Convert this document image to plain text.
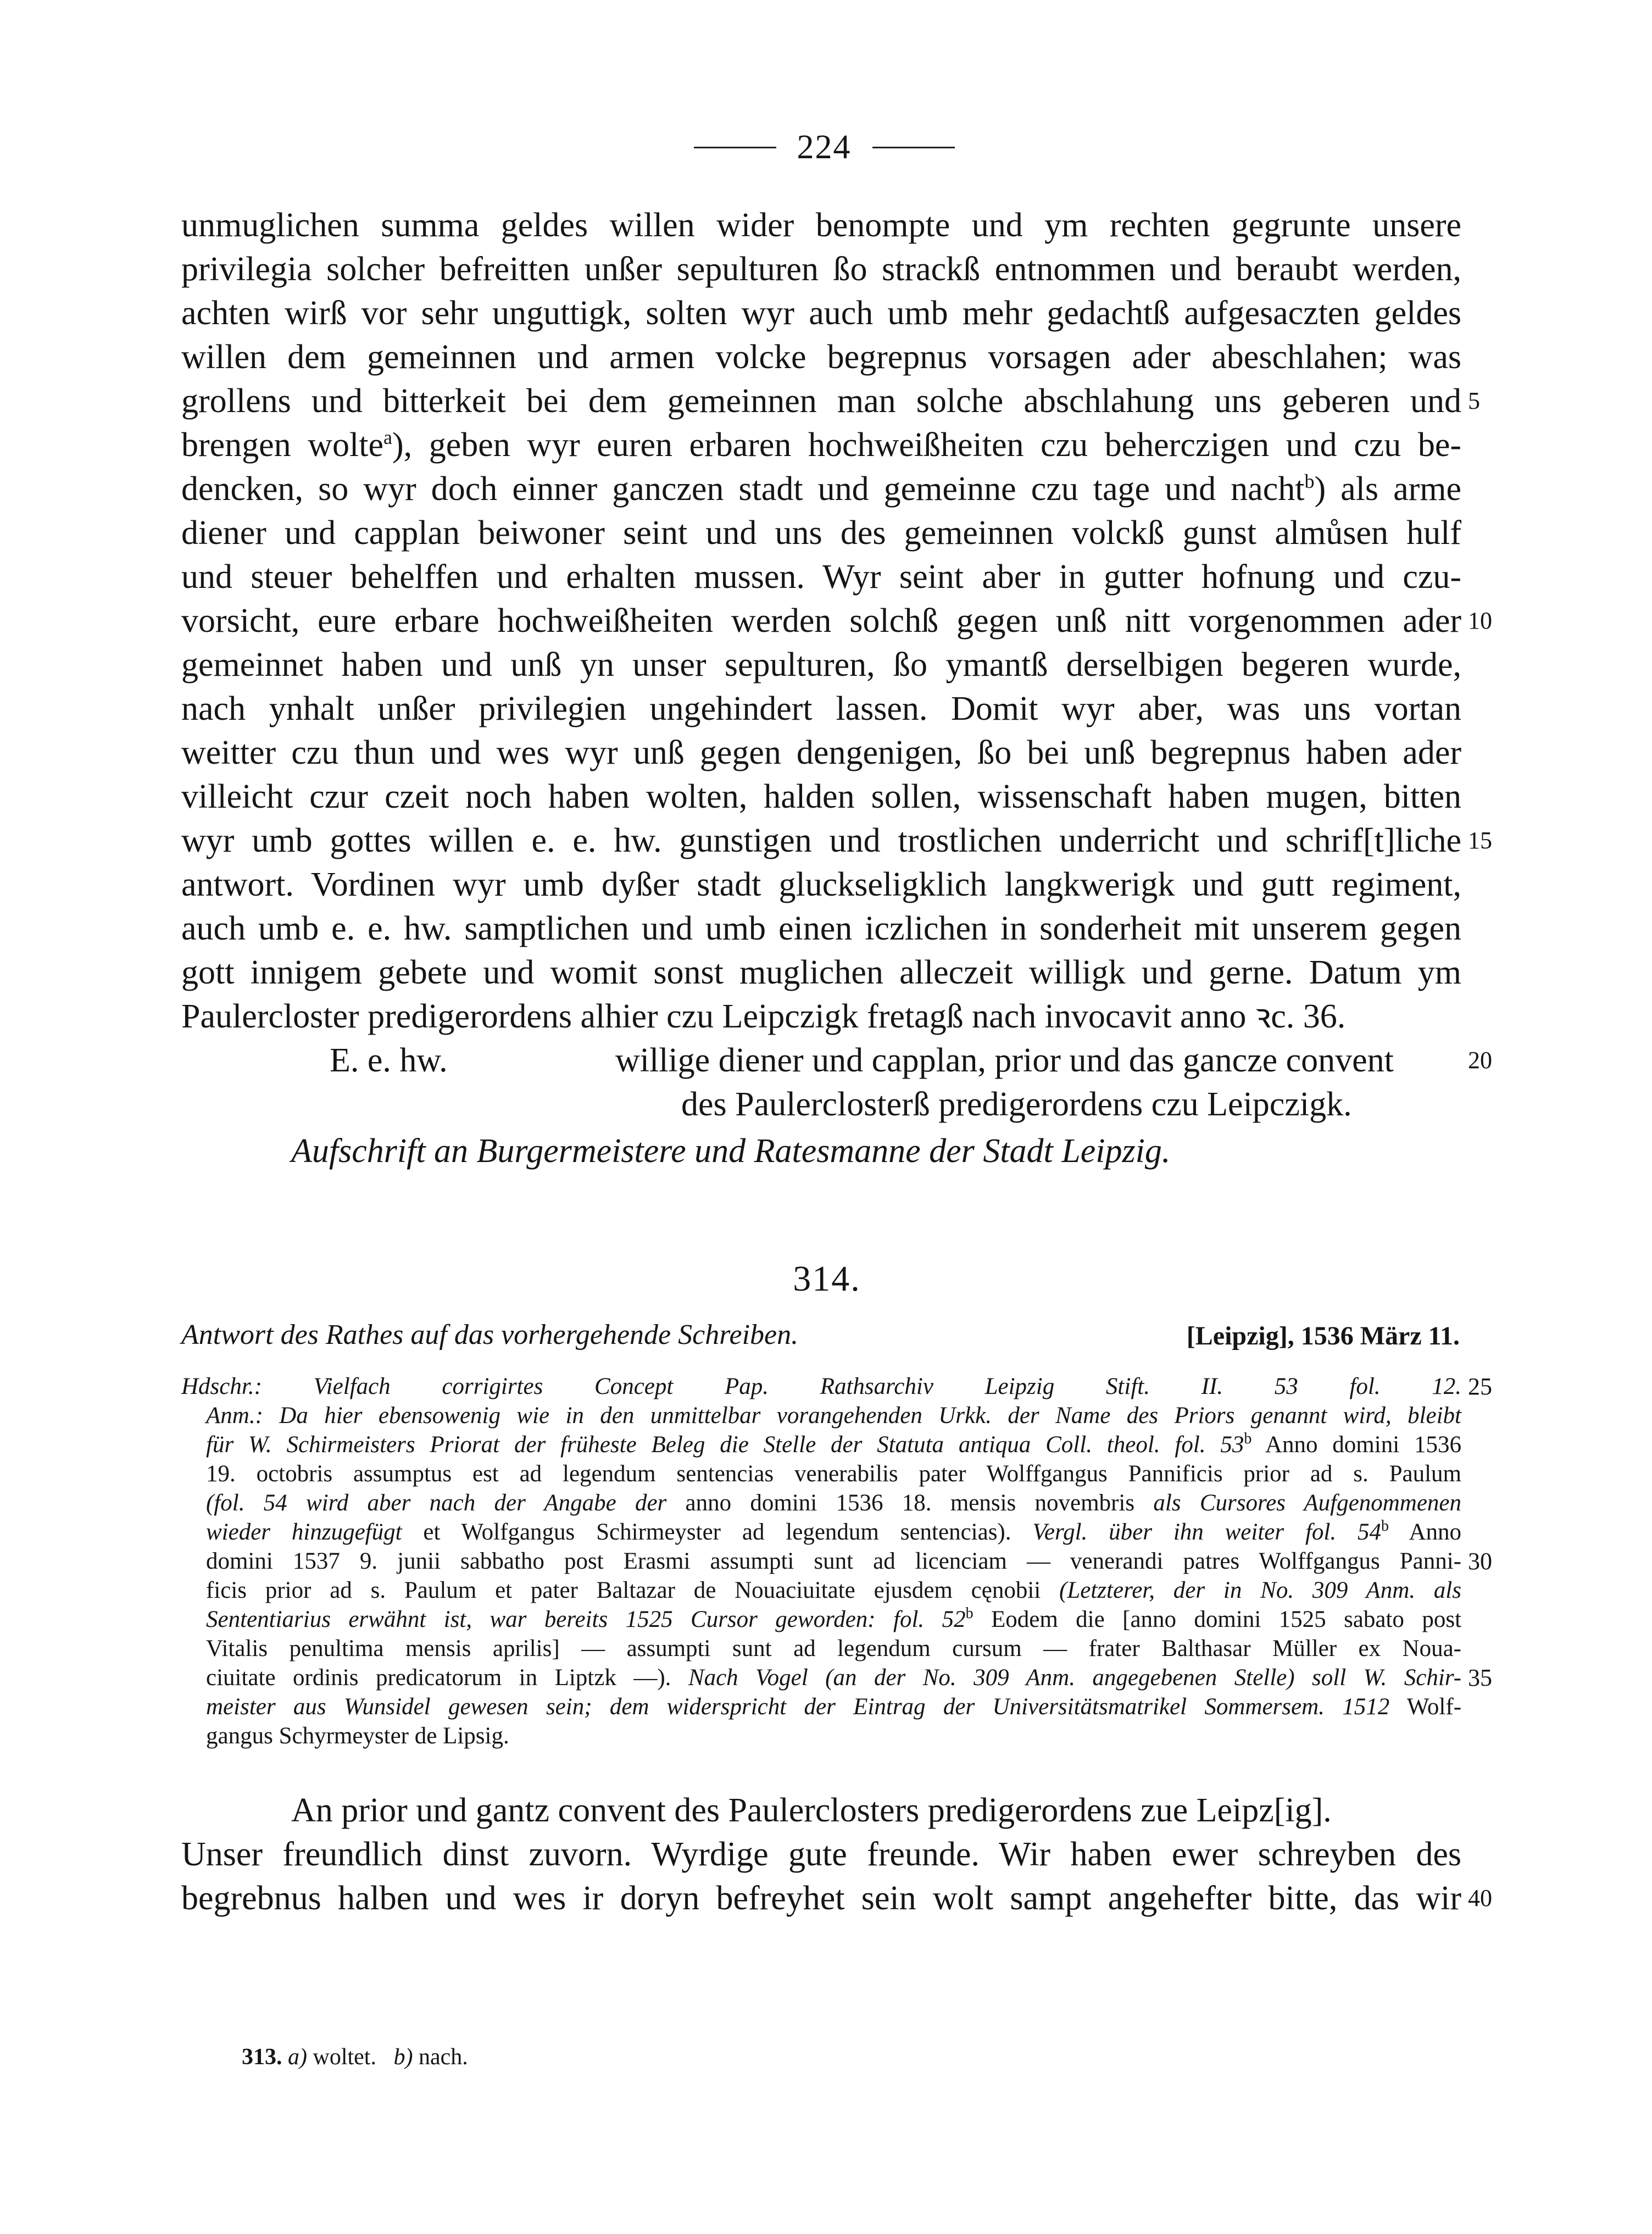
224
unmuglichen summa geldes willen wider benompte und ym rechten gegrunte unsere
privilegia solcher befreitten unßer sepulturen ßo strackß entnommen und beraubt werden,
achten wirß vor sehr unguttigk, solten wyr auch umb mehr gedachtß aufgesaczten geldes
willen dem gemeinnen und armen volcke begrepnus vorsagen ader abeschlahen; was
grollens und bitterkeit bei dem gemeinnen man solche abschlahung uns geberen und 5
brengen wolte$^a$), geben wyr euren erbaren hochweißheiten czu beherczigen und czu be-
dencken, so wyr doch einner ganczen stadt und gemeinne czu tage und nacht$^b$) als arme
diener und capplan beiwoner seint und uns des gemeinnen volckß gunst almůsen hulf
und steuer behelffen und erhalten mussen. Wyr seint aber in gutter hofnung und czu-
vorsicht, eure erbare hochweißheiten werden solchß gegen unß nitt vorgenommen ader 10
gemeinnet haben und unß yn unser sepulturen, ßo ymantß derselbigen begeren wurde,
nach ynhalt unßer privilegien ungehindert lassen. Domit wyr aber, was uns vortan
weitter czu thun und wes wyr unß gegen dengenigen, ßo bei unß begrepnus haben ader
villeicht czur czeit noch haben wolten, halden sollen, wissenschaft haben mugen, bitten
wyr umb gottes willen e. e. hw. gunstigen und trostlichen underricht und schrif[t]liche 15
antwort. Vordinen wyr umb dyßer stadt gluckseligklich langkwerigk und gutt regiment,
auch umb e. e. hw. samptlichen und umb einen iczlichen in sonderheit mit unserem gegen
gott innigem gebete und womit sonst muglichen alleczeit willigk und gerne. Datum ym
Paulercloster predigerordens alhier czu Leipczigk fretagß nach invocavit anno ꝛc. 36.
E. e. hw.	willige diener und capplan, prior und das gancze convent	20
des Paulerclosterß predigerordens czu Leipczigk.
Aufschrift an Burgermeistere und Ratesmanne der Stadt Leipzig.
314.
Antwort des Rathes auf das vorhergehende Schreiben.	[Leipzig], 1536 März 11.
Hdschr.: Vielfach corrigirtes Concept Pap. Rathsarchiv Leipzig Stift. II. 53 fol. 12. 25
Anm.: Da hier ebensowenig wie in den unmittelbar vorangehenden Urkk. der Name des Priors genannt wird, bleibt
für W. Schirmeisters Priorat der früheste Beleg die Stelle der Statuta antiqua Coll. theol. fol. 53$^b$ Anno domini 1536
19. octobris assumptus est ad legendum sentencias venerabilis pater Wolffgangus Pannificis prior ad s. Paulum
(fol. 54 wird aber nach der Angabe der anno domini 1536 18. mensis novembris als Cursores Aufgenommenen
wieder hinzugefügt et Wolfgangus Schirmeyster ad legendum sentencias). Vergl. über ihn weiter fol. 54$^b$ Anno
domini 1537 9. junii sabbatho post Erasmi assumpti sunt ad licenciam — venerandi patres Wolffgangus Panni- 30
ficis prior ad s. Paulum et pater Baltazar de Nouaciuitate ejusdem cęnobii (Letzterer, der in No. 309 Anm. als
Sententiarius erwähnt ist, war bereits 1525 Cursor geworden: fol. 52$^b$ Eodem die [anno domini 1525 sabato post
Vitalis penultima mensis aprilis] — assumpti sunt ad legendum cursum — frater Balthasar Müller ex Noua-
ciuitate ordinis predicatorum in Liptzk —). Nach Vogel (an der No. 309 Anm. angegebenen Stelle) soll W. Schir- 35
meister aus Wunsidel gewesen sein; dem widerspricht der Eintrag der Universitätsmatrikel Sommersem. 1512 Wolf-
gangus Schyrmeyster de Lipsig.
An prior und gantz convent des Paulerclosters predigerordens zue Leipz[ig].
Unser freundlich dinst zuvorn. Wyrdige gute freunde. Wir haben ewer schreyben des
begrebnus halben und wes ir doryn befreyhet sein wolt sampt angehefter bitte, das wir 40
313. a) woltet. b) nach.
